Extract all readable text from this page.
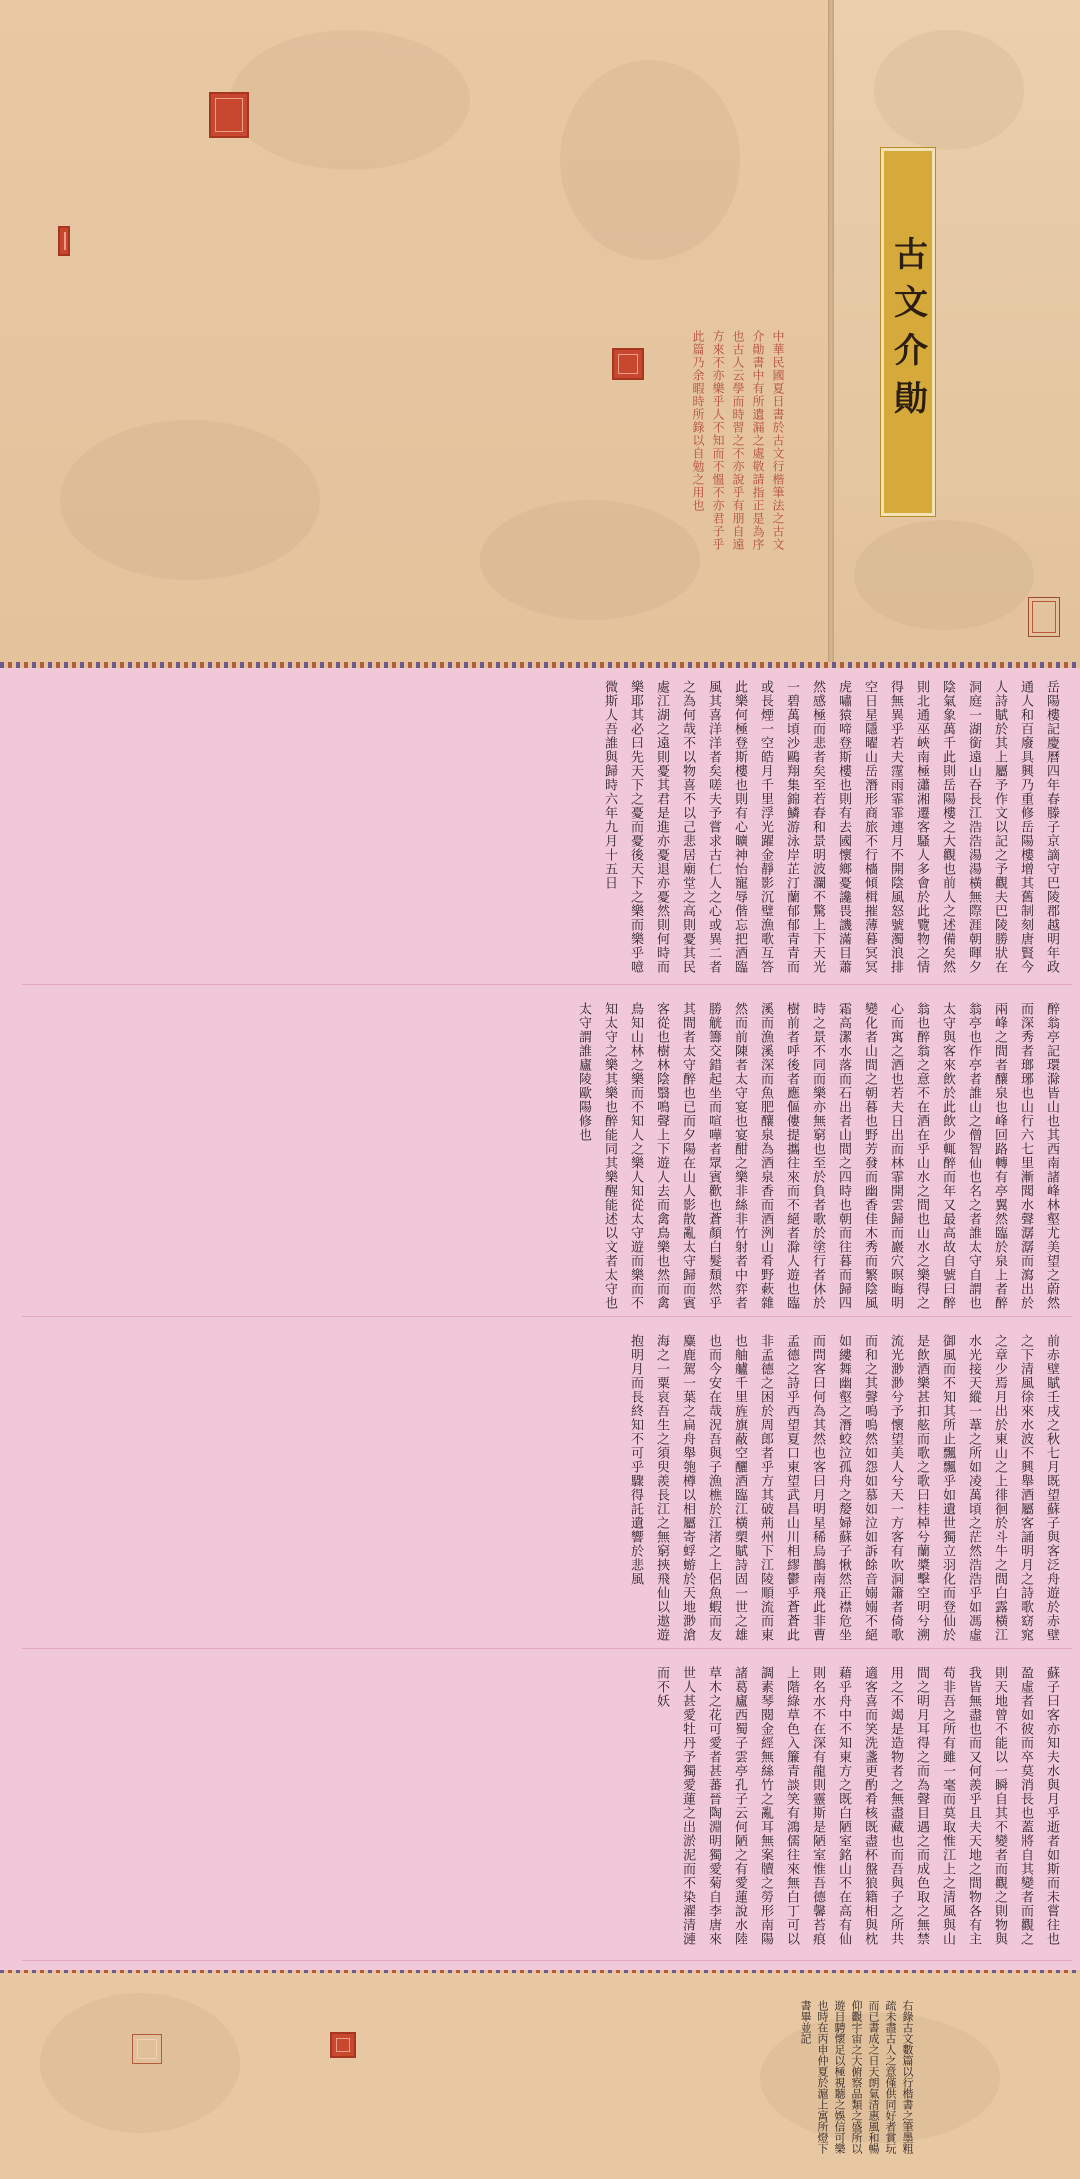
古文介勛
中華民國夏日書於古文行楷筆法之古文介勛書中有所遺漏之處敬請指正是為序也古人云學而時習之不亦說乎有朋自遠方來不亦樂乎人不知而不慍不亦君子乎此篇乃余暇時所錄以自勉之用也
岳陽樓記慶曆四年春滕子京謫守巴陵郡越明年政通人和百廢具興乃重修岳陽樓增其舊制刻唐賢今人詩賦於其上屬予作文以記之予觀夫巴陵勝狀在洞庭一湖銜遠山吞長江浩浩湯湯橫無際涯朝暉夕陰氣象萬千此則岳陽樓之大觀也前人之述備矣然則北通巫峽南極瀟湘遷客騷人多會於此覽物之情得無異乎若夫霪雨霏霏連月不開陰風怒號濁浪排空日星隱曜山岳潛形商旅不行檣傾楫摧薄暮冥冥虎嘯猿啼登斯樓也則有去國懷鄉憂讒畏譏滿目蕭然感極而悲者矣至若春和景明波瀾不驚上下天光一碧萬頃沙鷗翔集錦鱗游泳岸芷汀蘭郁郁青青而或長煙一空皓月千里浮光躍金靜影沉璧漁歌互答此樂何極登斯樓也則有心曠神怡寵辱偕忘把酒臨風其喜洋洋者矣嗟夫予嘗求古仁人之心或異二者之為何哉不以物喜不以己悲居廟堂之高則憂其民處江湖之遠則憂其君是進亦憂退亦憂然則何時而樂耶其必曰先天下之憂而憂後天下之樂而樂乎噫微斯人吾誰與歸時六年九月十五日
醉翁亭記環滁皆山也其西南諸峰林壑尤美望之蔚然而深秀者瑯琊也山行六七里漸聞水聲潺潺而瀉出於兩峰之間者釀泉也峰回路轉有亭翼然臨於泉上者醉翁亭也作亭者誰山之僧智仙也名之者誰太守自謂也太守與客來飲於此飲少輒醉而年又最高故自號曰醉翁也醉翁之意不在酒在乎山水之間也山水之樂得之心而寓之酒也若夫日出而林霏開雲歸而巖穴暝晦明變化者山間之朝暮也野芳發而幽香佳木秀而繁陰風霜高潔水落而石出者山間之四時也朝而往暮而歸四時之景不同而樂亦無窮也至於負者歌於塗行者休於樹前者呼後者應傴僂提攜往來而不絕者滁人遊也臨溪而漁溪深而魚肥釀泉為酒泉香而酒洌山肴野蔌雜然而前陳者太守宴也宴酣之樂非絲非竹射者中弈者勝觥籌交錯起坐而喧嘩者眾賓歡也蒼顏白髮頹然乎其間者太守醉也已而夕陽在山人影散亂太守歸而賓客從也樹林陰翳鳴聲上下遊人去而禽鳥樂也然而禽鳥知山林之樂而不知人之樂人知從太守遊而樂而不知太守之樂其樂也醉能同其樂醒能述以文者太守也太守謂誰廬陵歐陽修也
前赤壁賦壬戌之秋七月既望蘇子與客泛舟遊於赤壁之下清風徐來水波不興舉酒屬客誦明月之詩歌窈窕之章少焉月出於東山之上徘徊於斗牛之間白露橫江水光接天縱一葦之所如凌萬頃之茫然浩浩乎如馮虛御風而不知其所止飄飄乎如遺世獨立羽化而登仙於是飲酒樂甚扣舷而歌之歌曰桂棹兮蘭槳擊空明兮溯流光渺渺兮予懷望美人兮天一方客有吹洞簫者倚歌而和之其聲嗚嗚然如怨如慕如泣如訴餘音嫋嫋不絕如縷舞幽壑之潛蛟泣孤舟之嫠婦蘇子愀然正襟危坐而問客曰何為其然也客曰月明星稀烏鵲南飛此非曹孟德之詩乎西望夏口東望武昌山川相繆鬱乎蒼蒼此非孟德之困於周郎者乎方其破荊州下江陵順流而東也舳艫千里旌旗蔽空釃酒臨江橫槊賦詩固一世之雄也而今安在哉況吾與子漁樵於江渚之上侶魚蝦而友麋鹿駕一葉之扁舟舉匏樽以相屬寄蜉蝣於天地渺滄海之一粟哀吾生之須臾羨長江之無窮挾飛仙以遨遊抱明月而長終知不可乎驟得託遺響於悲風
蘇子曰客亦知夫水與月乎逝者如斯而未嘗往也盈虛者如彼而卒莫消長也蓋將自其變者而觀之則天地曾不能以一瞬自其不變者而觀之則物與我皆無盡也而又何羨乎且夫天地之間物各有主苟非吾之所有雖一毫而莫取惟江上之清風與山間之明月耳得之而為聲目遇之而成色取之無禁用之不竭是造物者之無盡藏也而吾與子之所共適客喜而笑洗盞更酌肴核既盡杯盤狼籍相與枕藉乎舟中不知東方之既白陋室銘山不在高有仙則名水不在深有龍則靈斯是陋室惟吾德馨苔痕上階綠草色入簾青談笑有鴻儒往來無白丁可以調素琴閱金經無絲竹之亂耳無案牘之勞形南陽諸葛廬西蜀子雲亭孔子云何陋之有愛蓮說水陸草木之花可愛者甚蕃晉陶淵明獨愛菊自李唐來世人甚愛牡丹予獨愛蓮之出淤泥而不染濯清漣而不妖
右錄古文數篇以行楷書之筆墨粗疏未盡古人之意僅供同好者賞玩而已書成之日天朗氣清惠風和暢仰觀宇宙之大俯察品類之盛所以遊目騁懷足以極視聽之娛信可樂也時在丙申仲夏於滬上寓所燈下書畢並記
